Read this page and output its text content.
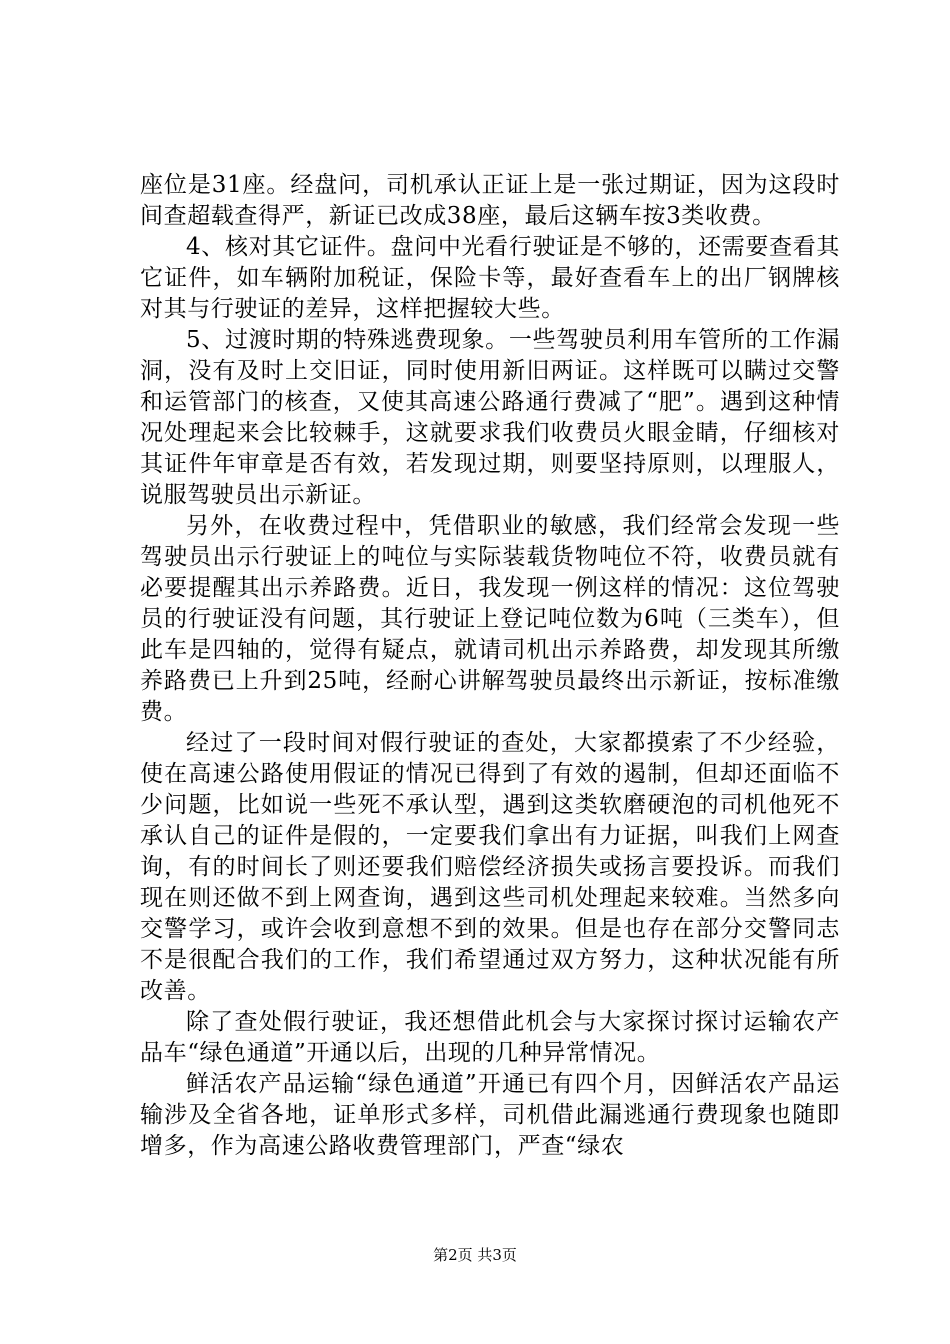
座位是31座。经盘问，司机承认正证上是一张过期证，因为这段时间查超载查得严，新证已改成38座，最后这辆车按3类收费。

4、核对其它证件。盘问中光看行驶证是不够的，还需要查看其它证件，如车辆附加税证，保险卡等，最好查看车上的出厂钢牌核对其与行驶证的差异，这样把握较大些。

5、过渡时期的特殊逃费现象。一些驾驶员利用车管所的工作漏洞，没有及时上交旧证，同时使用新旧两证。这样既可以瞒过交警和运管部门的核查，又使其高速公路通行费减了“肥”。遇到这种情况处理起来会比较棘手，这就要求我们收费员火眼金睛，仔细核对其证件年审章是否有效，若发现过期，则要坚持原则，以理服人，说服驾驶员出示新证。

另外，在收费过程中，凭借职业的敏感，我们经常会发现一些驾驶员出示行驶证上的吨位与实际装载货物吨位不符，收费员就有必要提醒其出示养路费。近日，我发现一例这样的情况：这位驾驶员的行驶证没有问题，其行驶证上登记吨位数为6吨（三类车），但此车是四轴的，觉得有疑点，就请司机出示养路费，却发现其所缴养路费已上升到25吨，经耐心讲解驾驶员最终出示新证，按标准缴费。

经过了一段时间对假行驶证的查处，大家都摸索了不少经验，使在高速公路使用假证的情况已得到了有效的遏制，但却还面临不少问题，比如说一些死不承认型，遇到这类软磨硬泡的司机他死不承认自己的证件是假的，一定要我们拿出有力证据，叫我们上网查询，有的时间长了则还要我们赔偿经济损失或扬言要投诉。而我们现在则还做不到上网查询，遇到这些司机处理起来较难。当然多向交警学习，或许会收到意想不到的效果。但是也存在部分交警同志不是很配合我们的工作，我们希望通过双方努力，这种状况能有所改善。

除了查处假行驶证，我还想借此机会与大家探讨探讨运输农产品车“绿色通道”开通以后，出现的几种异常情况。

鲜活农产品运输“绿色通道”开通已有四个月，因鲜活农产品运输涉及全省各地，证单形式多样，司机借此漏逃通行费现象也随即增多，作为高速公路收费管理部门，严查“绿农

第2页 共3页
